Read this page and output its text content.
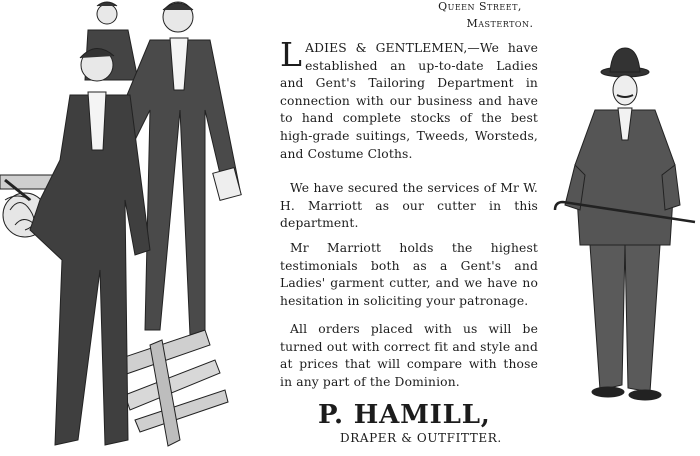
Queen Street,
Masterton.
LADIES & GENTLEMEN,—We have established an up-to-date Ladies and Gent's Tailoring Department in connection with our business and have to hand complete stocks of the best high-grade suitings, Tweeds, Worsteds, and Costume Cloths.
We have secured the services of Mr W. H. Marriott as our cutter in this department.
Mr Marriott holds the highest testimonials both as a Gent's and Ladies' garment cutter, and we have no hesitation in soliciting your patronage.
All orders placed with us will be turned out with correct fit and style and at prices that will compare with those in any part of the Dominion.
P. HAMILL,
DRAPER & OUTFITTER.
